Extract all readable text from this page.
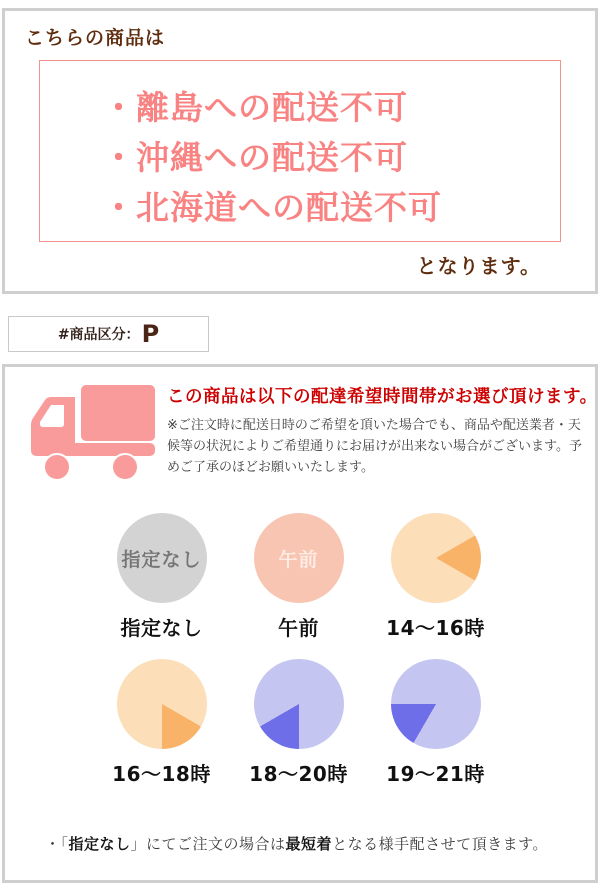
こちらの商品は
・離島への配送不可
・沖縄への配送不可
・北海道への配送不可
となります。
#商品区分： P
この商品は以下の配達希望時間帯がお選び頂けます。
※ご注文時に配送日時のご希望を頂いた場合でも、商品や配送業者・天候等の状況によりご希望通りにお届けが出来ない場合がございます。予めご了承のほどお願いいたします。
指定なし
指定なし
午前
午前	14〜16時
16〜18時	18〜20時	19〜21時
・「指定なし」にてご注文の場合は最短着となる様手配させて頂きます。
